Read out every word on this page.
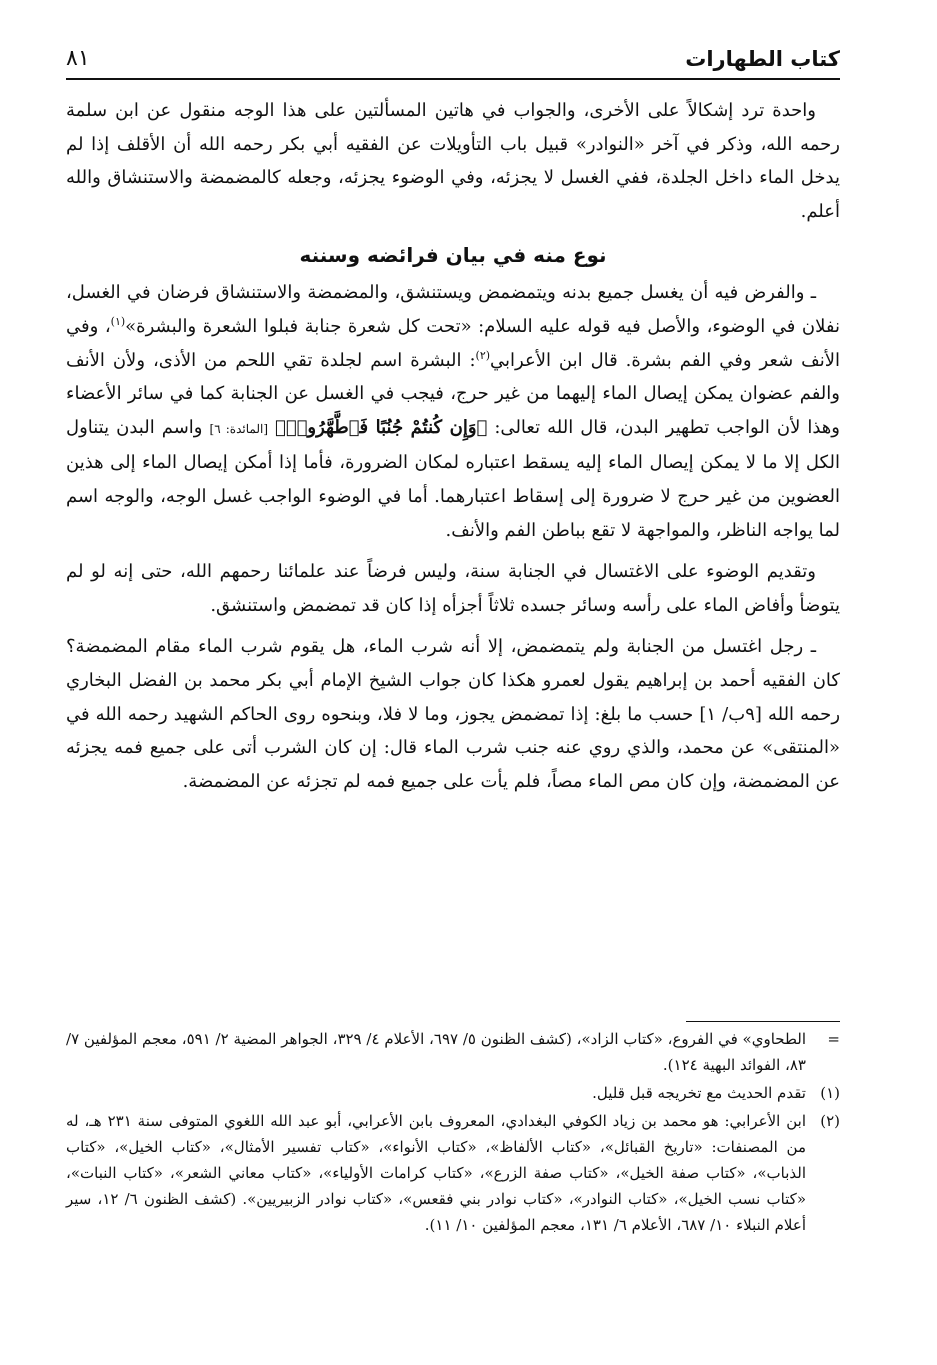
كتاب الطهارات
٨١

واحدة ترد إشكالاً على الأخرى، والجواب في هاتين المسألتين على هذا الوجه منقول عن ابن سلمة رحمه الله، وذكر في آخر «النوادر» قبيل باب التأويلات عن الفقيه أبي بكر رحمه الله أن الأقلف إذا لم يدخل الماء داخل الجلدة، ففي الغسل لا يجزئه، وفي الوضوء يجزئه، وجعله كالمضمضة والاستنشاق والله أعلم.

نوع منه في بيان فرائضه وسننه

ـ والفرض فيه أن يغسل جميع بدنه ويتمضمض ويستنشق، والمضمضة والاستنشاق فرضان في الغسل، نفلان في الوضوء، والأصل فيه قوله عليه السلام: «تحت كل شعرة جنابة فبلوا الشعرة والبشرة»$^{(١)}$، وفي الأنف شعر وفي الفم بشرة. قال ابن الأعرابي$^{(٢)}$: البشرة اسم لجلدة تقي اللحم من الأذى، ولأن الأنف والفم عضوان يمكن إيصال الماء إليهما من غير حرج، فيجب في الغسل عن الجنابة كما في سائر الأعضاء وهذا لأن الواجب تطهير البدن، قال الله تعالى: ﴿وَإِن كُنتُمْ جُنُبًا فَٱطَّهَّرُوا۟﴾ [المائدة: ٦] واسم البدن يتناول الكل إلا ما لا يمكن إيصال الماء إليه يسقط اعتباره لمكان الضرورة، فأما إذا أمكن إيصال الماء إلى هذين العضوين من غير حرج لا ضرورة إلى إسقاط اعتبارهما. أما في الوضوء الواجب غسل الوجه، والوجه اسم لما يواجه الناظر، والمواجهة لا تقع بباطن الفم والأنف.

وتقديم الوضوء على الاغتسال في الجنابة سنة، وليس فرضاً عند علمائنا رحمهم الله، حتى إنه لو لم يتوضأ وأفاض الماء على رأسه وسائر جسده ثلاثاً أجزأه إذا كان قد تمضمض واستنشق.

ـ رجل اغتسل من الجنابة ولم يتمضمض، إلا أنه شرب الماء، هل يقوم شرب الماء مقام المضمضة؟ كان الفقيه أحمد بن إبراهيم يقول لعمرو هكذا كان جواب الشيخ الإمام أبي بكر محمد بن الفضل البخاري رحمه الله [٩ب/ ١] حسب ما بلغ: إذا تمضمض يجوز، وما لا فلا، وبنحوه روى الحاكم الشهيد رحمه الله في «المنتقى» عن محمد، والذي روي عنه جنب شرب الماء قال: إن كان الشرب أتى على جميع فمه يجزئه عن المضمضة، وإن كان مص الماء مصاً، فلم يأت على جميع فمه لم تجزئه عن المضمضة.

=
الطحاوي» في الفروع، «كتاب الزاد»، (كشف الظنون ٥/ ٦٩٧، الأعلام ٤/ ٣٢٩، الجواهر المضية ٢/ ٥٩١، معجم المؤلفين ٧/ ٨٣، الفوائد البهية ١٢٤).
(١)
تقدم الحديث مع تخريجه قبل قليل.
(٢)
ابن الأعرابي: هو محمد بن زياد الكوفي البغدادي، المعروف بابن الأعرابي، أبو عبد الله اللغوي المتوفى سنة ٢٣١ هـ، له من المصنفات: «تاريخ القبائل»، «كتاب الألفاظ»، «كتاب الأنواء»، «كتاب تفسير الأمثال»، «كتاب الخيل»، «كتاب الذباب»، «كتاب صفة الخيل»، «كتاب صفة الزرع»، «كتاب كرامات الأولياء»، «كتاب معاني الشعر»، «كتاب النبات»، «كتاب نسب الخيل»، «كتاب النوادر»، «كتاب نوادر بني فقعس»، «كتاب نوادر الزبيريين». (كشف الظنون ٦/ ١٢، سير أعلام النبلاء ١٠/ ٦٨٧، الأعلام ٦/ ١٣١، معجم المؤلفين ١٠/ ١١).
